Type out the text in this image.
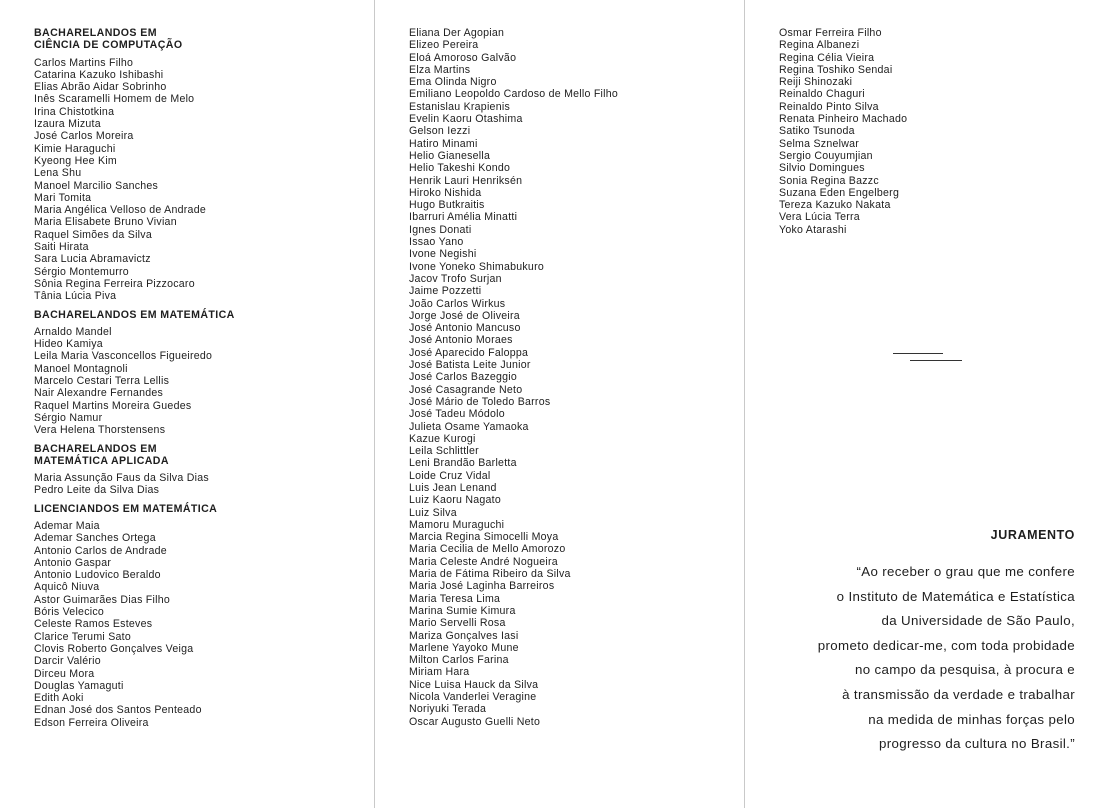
BACHARELANDOS EM
CIÊNCIA DE COMPUTAÇÃO
Carlos Martins Filho
Catarina Kazuko Ishibashi
Elias Abrão Aidar Sobrinho
Inês Scaramelli Homem de Melo
Irina Chistotkina
Izaura Mizuta
José Carlos Moreira
Kimie Haraguchi
Kyeong Hee Kim
Lena Shu
Manoel Marcilio Sanches
Mari Tomita
Maria Angélica Velloso de Andrade
Maria Elisabete Bruno Vivian
Raquel Simões da Silva
Saiti Hirata
Sara Lucia Abramavictz
Sérgio Montemurro
Sônia Regina Ferreira Pizzocaro
Tânia Lúcia Piva
BACHARELANDOS EM MATEMÁTICA
Arnaldo Mandel
Hideo Kamiya
Leila Maria Vasconcellos Figueiredo
Manoel Montagnoli
Marcelo Cestari Terra Lellis
Nair Alexandre Fernandes
Raquel Martins Moreira Guedes
Sérgio Namur
Vera Helena Thorstensens
BACHARELANDOS EM
MATEMÁTICA APLICADA
Maria Assunção Faus da Silva Dias
Pedro Leite da Silva Dias
LICENCIANDOS EM MATEMÁTICA
Ademar Maia
Ademar Sanches Ortega
Antonio Carlos de Andrade
Antonio Gaspar
Antonio Ludovico Beraldo
Aquicô Niuva
Astor Guimarães Dias Filho
Bóris Velecico
Celeste Ramos Esteves
Clarice Terumi Sato
Clovis Roberto Gonçalves Veiga
Darcir Valério
Dirceu Mora
Douglas Yamaguti
Edith Aoki
Ednan José dos Santos Penteado
Edson Ferreira Oliveira
Eliana Der Agopian
Elizeo Pereira
Eloá Amoroso Galvão
Elza Martins
Ema Olinda Nigro
Emiliano Leopoldo Cardoso de Mello Filho
Estanislau Krapienis
Evelin Kaoru Otashima
Gelson Iezzi
Hatiro Minami
Helio Gianesella
Helio Takeshi Kondo
Henrik Lauri Henriksén
Hiroko Nishida
Hugo Butkraitis
Ibarruri Amélia Minatti
Ignes Donati
Issao Yano
Ivone Negishi
Ivone Yoneko Shimabukuro
Jacov Trofo Surjan
Jaime Pozzetti
João Carlos Wirkus
Jorge José de Oliveira
José Antonio Mancuso
José Antonio Moraes
José Aparecido Faloppa
José Batista Leite Junior
José Carlos Bazeggio
José Casagrande Neto
José Mário de Toledo Barros
José Tadeu Módolo
Julieta Osame Yamaoka
Kazue Kurogi
Leila Schlittler
Leni Brandão Barletta
Loide Cruz Vidal
Luis Jean Lenand
Luiz Kaoru Nagato
Luiz Silva
Mamoru Muraguchi
Marcia Regina Simocelli Moya
Maria Cecilia de Mello Amorozo
Maria Celeste André Nogueira
Maria de Fátima Ribeiro da Silva
Maria José Laginha Barreiros
Maria Teresa Lima
Marina Sumie Kimura
Mario Servelli Rosa
Mariza Gonçalves Iasi
Marlene Yayoko Mune
Milton Carlos Farina
Miriam Hara
Nice Luisa Hauck da Silva
Nicola Vanderlei Veragine
Noriyuki Terada
Oscar Augusto Guelli Neto
Osmar Ferreira Filho
Regina Albanezi
Regina Célia Vieira
Regina Toshiko Sendai
Reiji Shinozaki
Reinaldo Chaguri
Reinaldo Pinto Silva
Renata Pinheiro Machado
Satiko Tsunoda
Selma Sznelwar
Sergio Couyumjian
Silvio Domingues
Sonia Regina Bazzc
Suzana Eden Engelberg
Tereza Kazuko Nakata
Vera Lúcia Terra
Yoko Atarashi
JURAMENTO
“Ao receber o grau que me confere
o Instituto de Matemática e Estatística
da Universidade de São Paulo,
prometo dedicar-me, com toda probidade
no campo da pesquisa, à procura e
à transmissão da verdade e trabalhar
na medida de minhas forças pelo
progresso da cultura no Brasil.”
